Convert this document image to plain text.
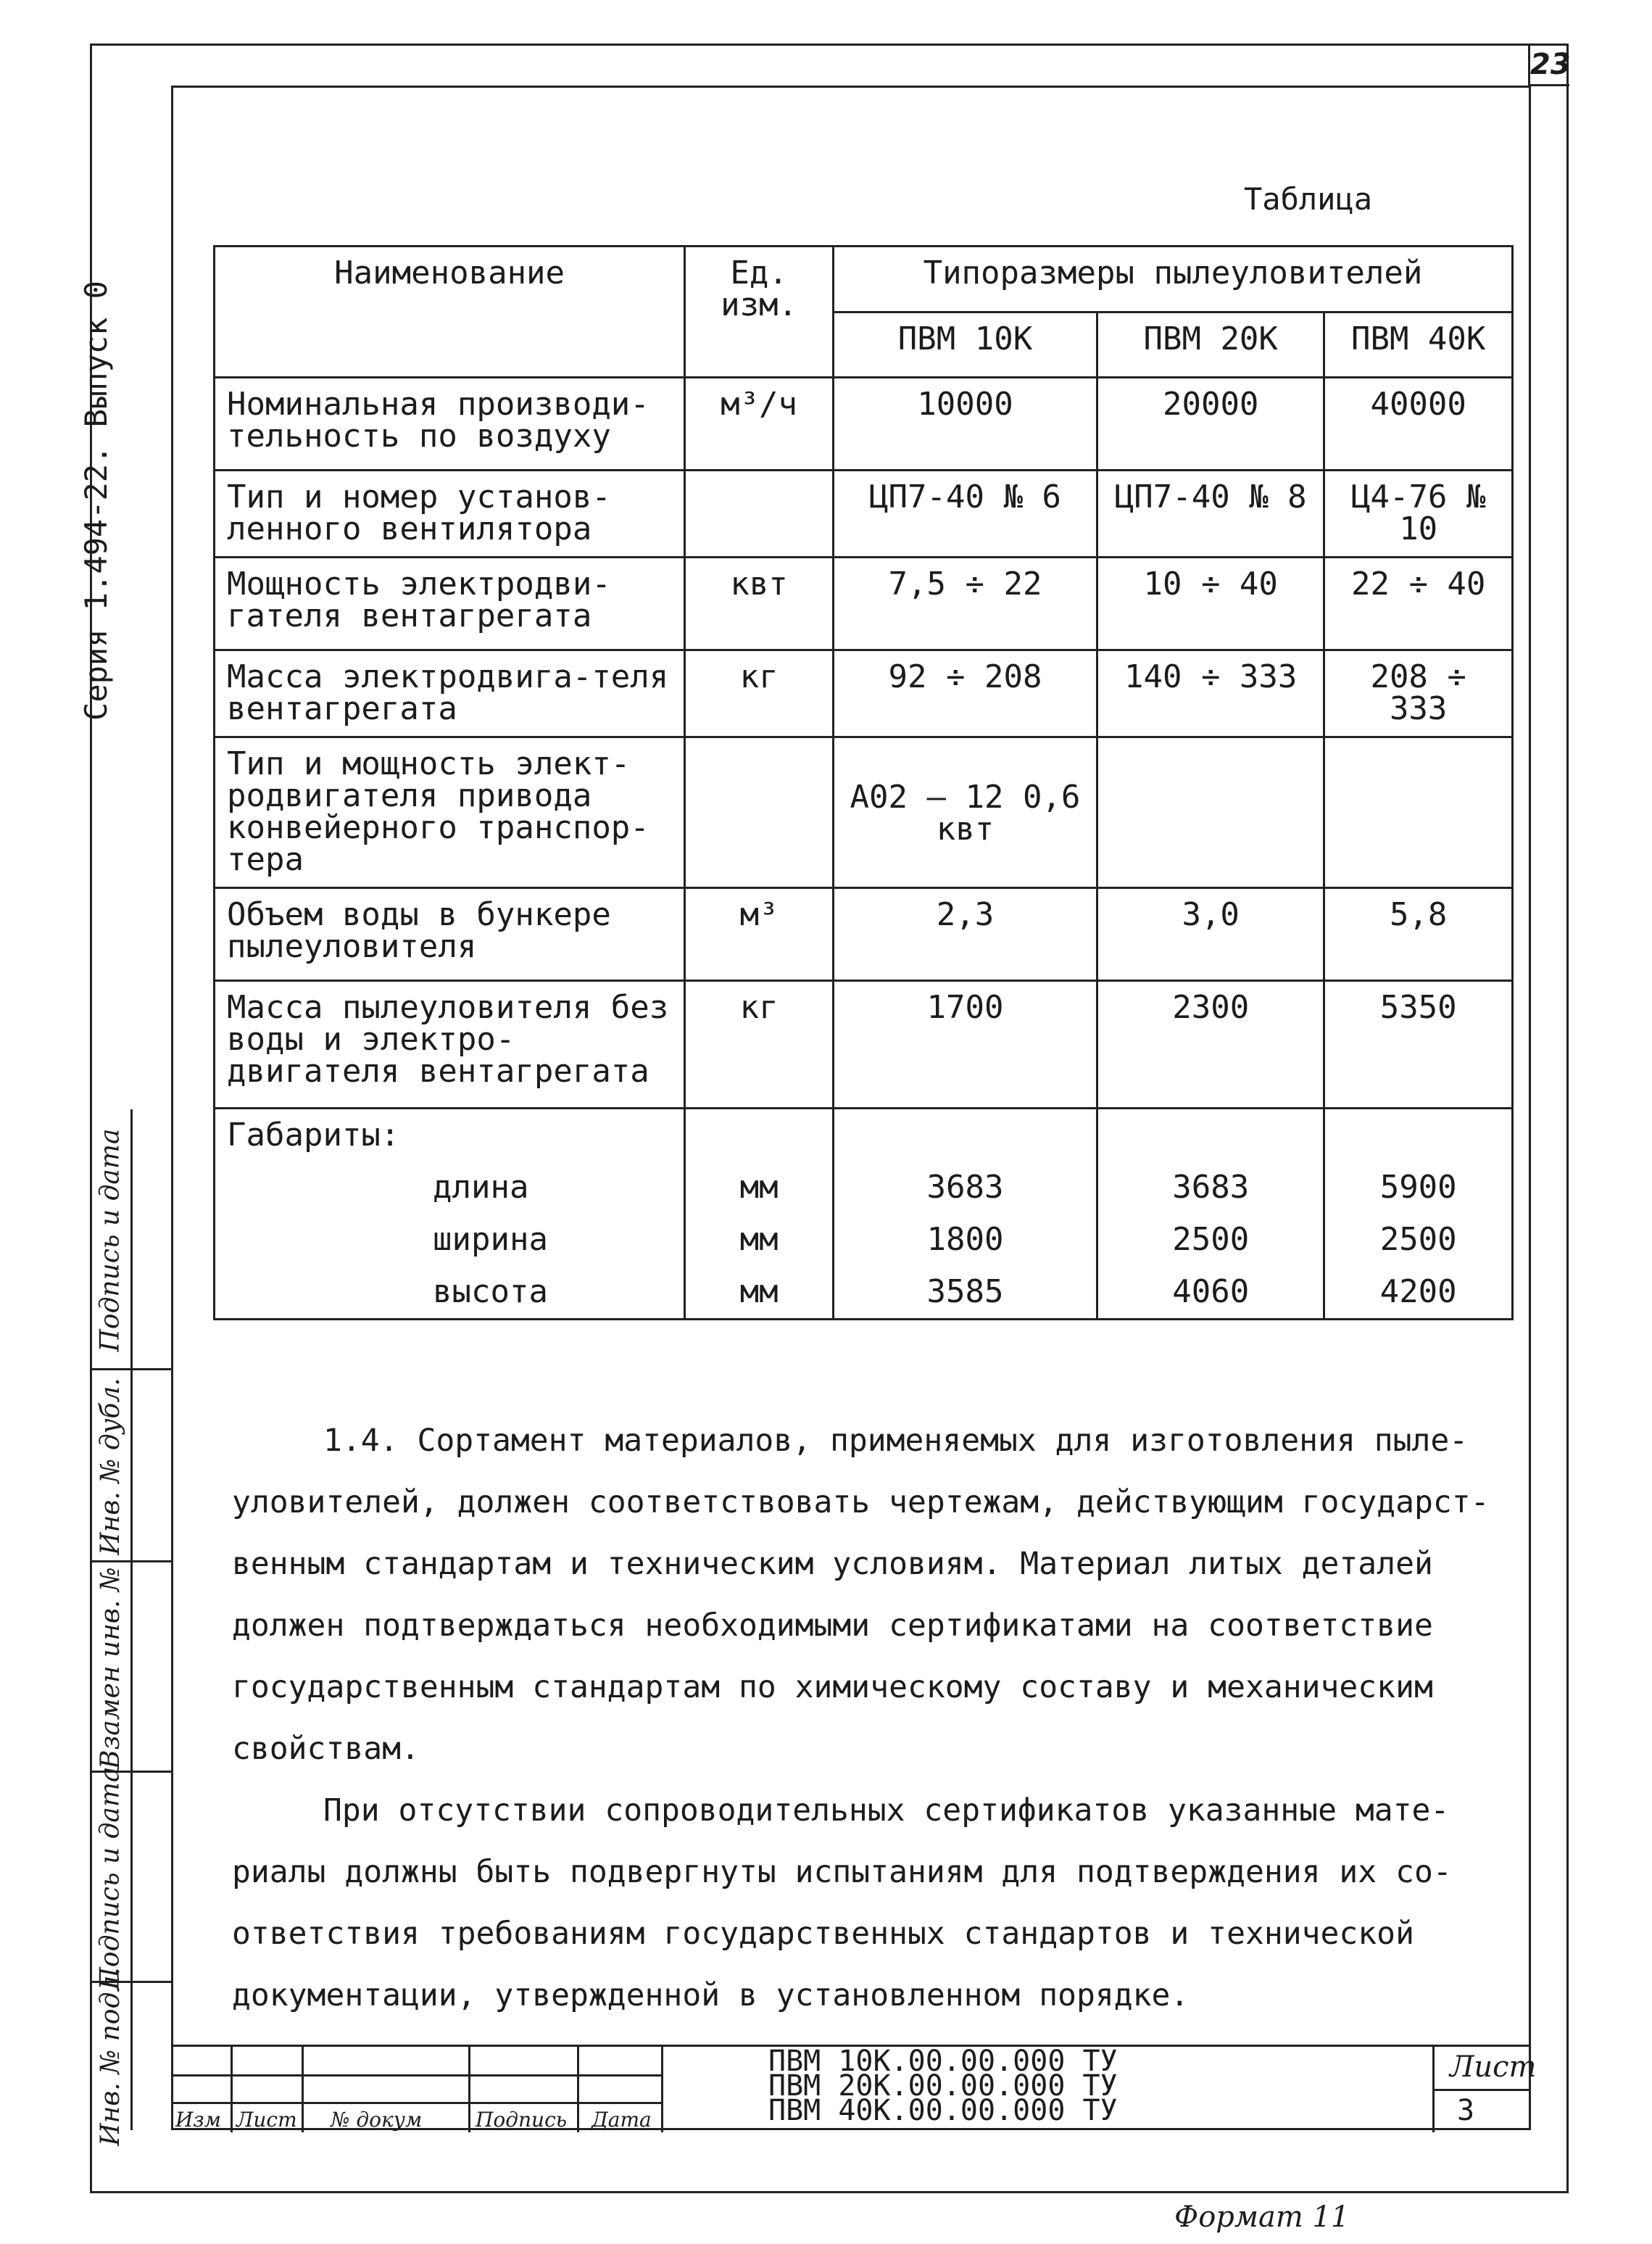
23
Серия 1.494-22. Выпуск 0
Подпись и дата
Инв. № дубл.
Взамен инв. №
Подпись и дата
Инв. № подл.
Таблица
Наименование	Ед. изм.	Типоразмеры пылеуловителей		
		ПВМ 10К	ПВМ 20К	ПВМ 40К
Номинальная производи-тельность по воздуху	м³/ч	10000	20000	40000
Тип и номер установ-ленного вентилятора		ЦП7-40 № 6	ЦП7-40 № 8	Ц4-76 № 10
Мощность электродви-гателя вентагрегата	квт	7,5 ÷ 22	10 ÷ 40	22 ÷ 40
Масса электродвига-теля вентагрегата	кг	92 ÷ 208	140 ÷ 333	208 ÷ 333
Тип и мощность элект-родвигателя привода конвейерного транспор-тера		А02 – 12 0,6 квт		
Объем воды в бункере пылеуловителя	м³	2,3	3,0	5,8
Масса пылеуловителя без воды и электро-двигателя вентагрегата	кг	1700	2300	5350
Габариты:				
длина	мм	3683	3683	5900
ширина	мм	1800	2500	2500
высота	мм	3585	4060	4200
1.4. Сортамент материалов, применяемых для изготовления пыле-
уловителей, должен соответствовать чертежам, действующим государст-
венным стандартам и техническим условиям. Материал литых деталей
должен подтверждаться необходимыми сертификатами на соответствие
государственным стандартам по химическому составу и механическим
свойствам.
При отсутствии сопроводительных сертификатов указанные мате-
риалы должны быть подвергнуты испытаниям для подтверждения их со-
ответствия требованиям государственных стандартов и технической
документации, утвержденной в установленном порядке.
Изм Лист № докум	Подпись Дата
ПВМ 10К.00.00.000 ТУ
ПВМ 20К.00.00.000 ТУ
ПВМ 40К.00.00.000 ТУ
Лист
3
Формат 11
